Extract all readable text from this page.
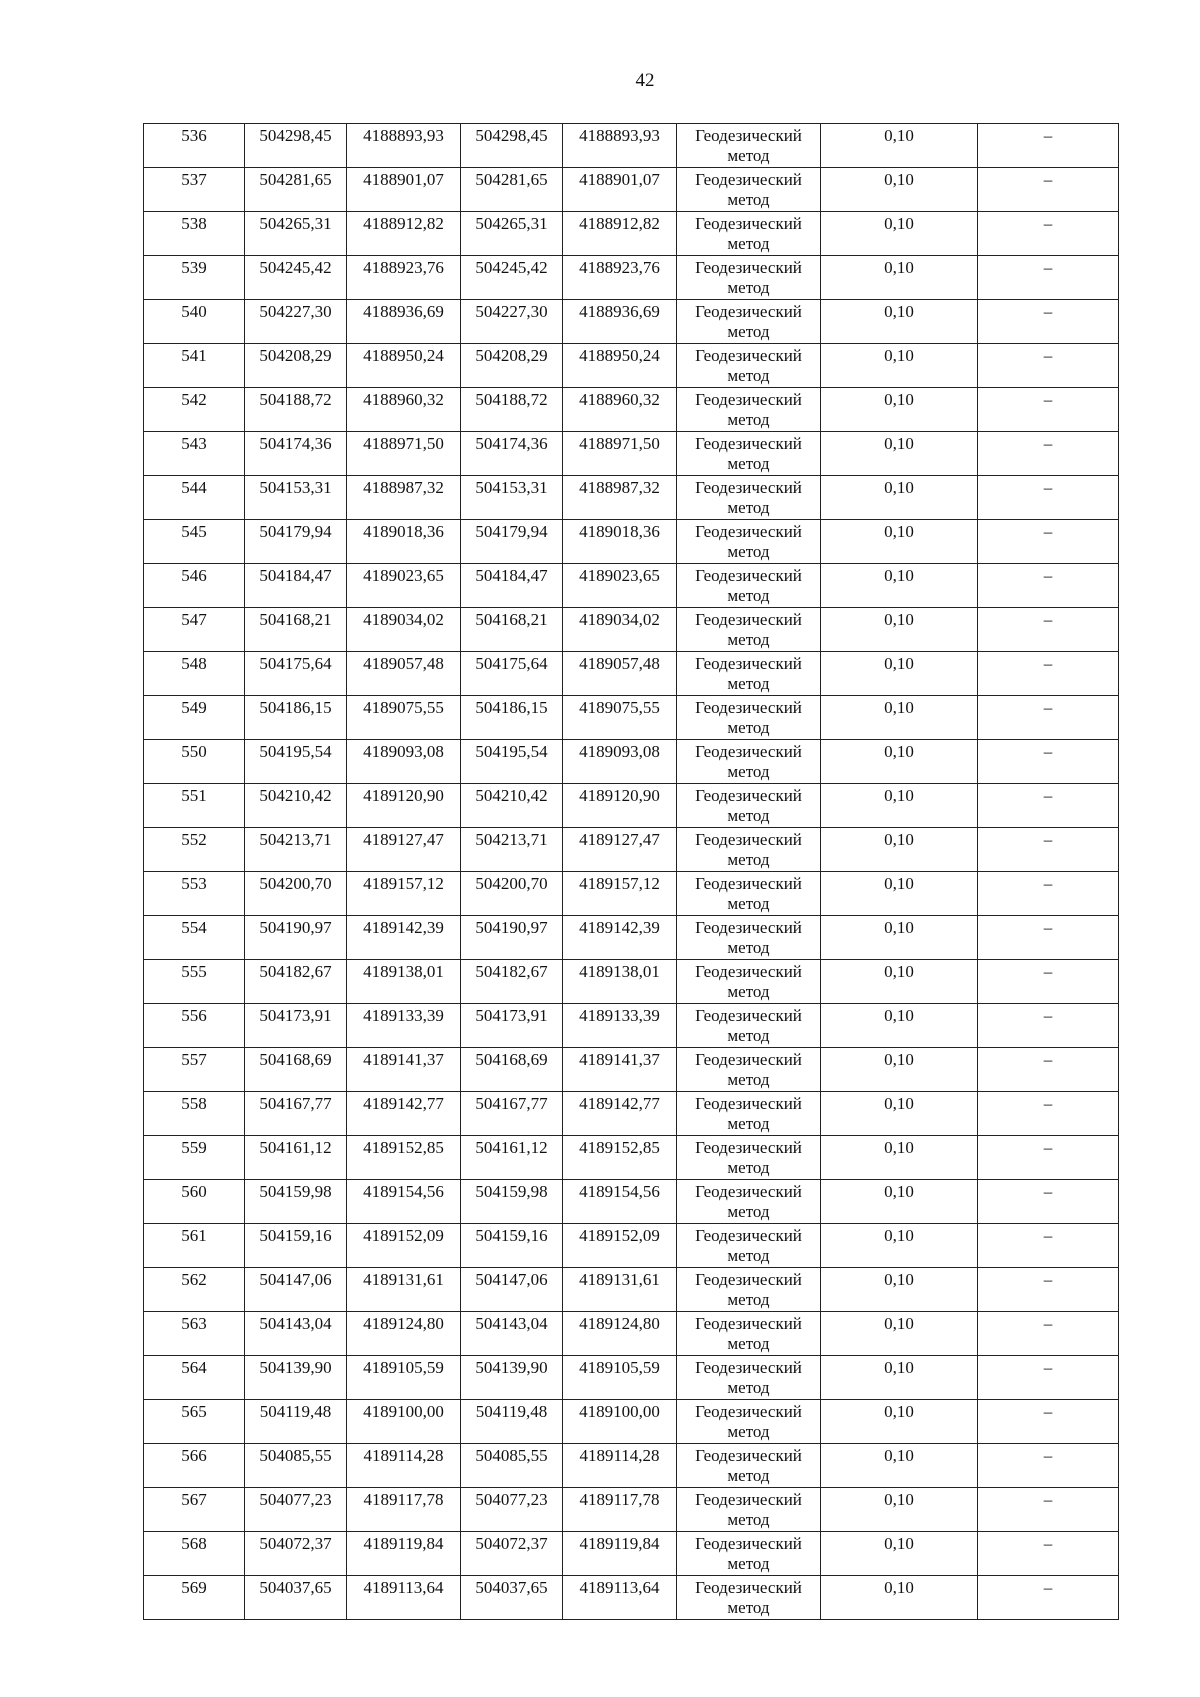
42
536	504298,45	4188893,93	504298,45	4188893,93	Геодезический
метод	0,10	–
537	504281,65	4188901,07	504281,65	4188901,07	Геодезический
метод	0,10	–
538	504265,31	4188912,82	504265,31	4188912,82	Геодезический
метод	0,10	–
539	504245,42	4188923,76	504245,42	4188923,76	Геодезический
метод	0,10	–
540	504227,30	4188936,69	504227,30	4188936,69	Геодезический
метод	0,10	–
541	504208,29	4188950,24	504208,29	4188950,24	Геодезический
метод	0,10	–
542	504188,72	4188960,32	504188,72	4188960,32	Геодезический
метод	0,10	–
543	504174,36	4188971,50	504174,36	4188971,50	Геодезический
метод	0,10	–
544	504153,31	4188987,32	504153,31	4188987,32	Геодезический
метод	0,10	–
545	504179,94	4189018,36	504179,94	4189018,36	Геодезический
метод	0,10	–
546	504184,47	4189023,65	504184,47	4189023,65	Геодезический
метод	0,10	–
547	504168,21	4189034,02	504168,21	4189034,02	Геодезический
метод	0,10	–
548	504175,64	4189057,48	504175,64	4189057,48	Геодезический
метод	0,10	–
549	504186,15	4189075,55	504186,15	4189075,55	Геодезический
метод	0,10	–
550	504195,54	4189093,08	504195,54	4189093,08	Геодезический
метод	0,10	–
551	504210,42	4189120,90	504210,42	4189120,90	Геодезический
метод	0,10	–
552	504213,71	4189127,47	504213,71	4189127,47	Геодезический
метод	0,10	–
553	504200,70	4189157,12	504200,70	4189157,12	Геодезический
метод	0,10	–
554	504190,97	4189142,39	504190,97	4189142,39	Геодезический
метод	0,10	–
555	504182,67	4189138,01	504182,67	4189138,01	Геодезический
метод	0,10	–
556	504173,91	4189133,39	504173,91	4189133,39	Геодезический
метод	0,10	–
557	504168,69	4189141,37	504168,69	4189141,37	Геодезический
метод	0,10	–
558	504167,77	4189142,77	504167,77	4189142,77	Геодезический
метод	0,10	–
559	504161,12	4189152,85	504161,12	4189152,85	Геодезический
метод	0,10	–
560	504159,98	4189154,56	504159,98	4189154,56	Геодезический
метод	0,10	–
561	504159,16	4189152,09	504159,16	4189152,09	Геодезический
метод	0,10	–
562	504147,06	4189131,61	504147,06	4189131,61	Геодезический
метод	0,10	–
563	504143,04	4189124,80	504143,04	4189124,80	Геодезический
метод	0,10	–
564	504139,90	4189105,59	504139,90	4189105,59	Геодезический
метод	0,10	–
565	504119,48	4189100,00	504119,48	4189100,00	Геодезический
метод	0,10	–
566	504085,55	4189114,28	504085,55	4189114,28	Геодезический
метод	0,10	–
567	504077,23	4189117,78	504077,23	4189117,78	Геодезический
метод	0,10	–
568	504072,37	4189119,84	504072,37	4189119,84	Геодезический
метод	0,10	–
569	504037,65	4189113,64	504037,65	4189113,64	Геодезический
метод	0,10	–
